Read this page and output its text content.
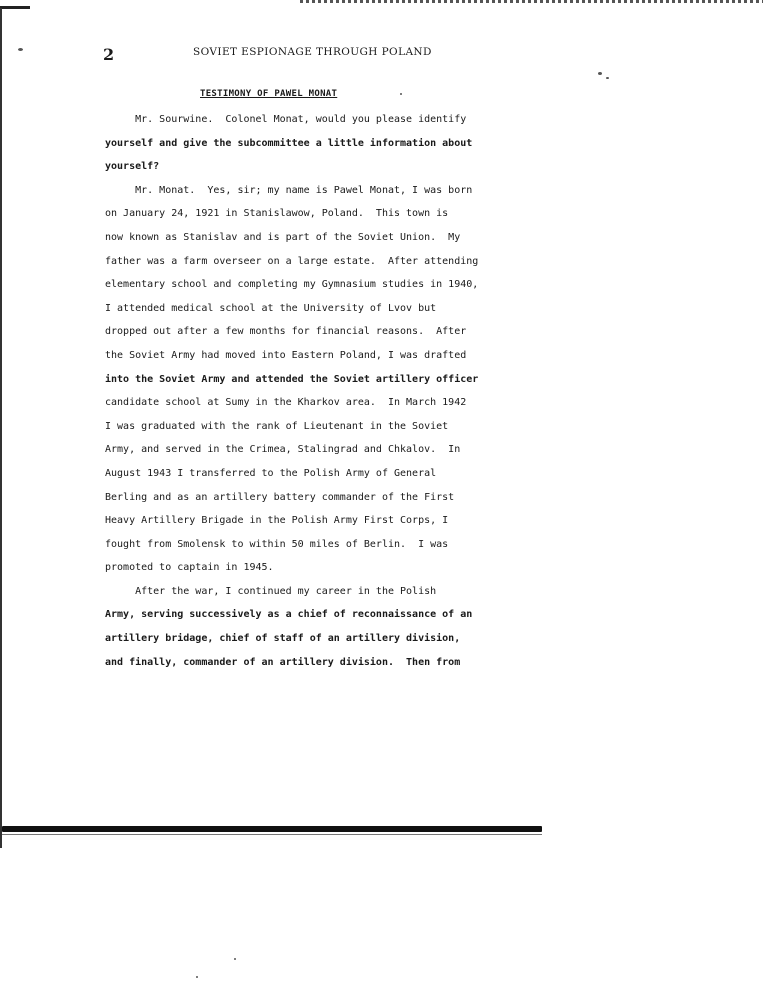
2	SOVIET ESPIONAGE THROUGH POLAND
TESTIMONY OF PAWEL MONAT
Mr. Sourwine.  Colonel Monat, would you please identify
yourself and give the subcommittee a little information about
yourself?
Mr. Monat.  Yes, sir; my name is Pawel Monat, I was born
on January 24, 1921 in Stanislawow, Poland.  This town is
now known as Stanislav and is part of the Soviet Union.  My
father was a farm overseer on a large estate.  After attending
elementary school and completing my Gymnasium studies in 1940,
I attended medical school at the University of Lvov but
dropped out after a few months for financial reasons.  After
the Soviet Army had moved into Eastern Poland, I was drafted
into the Soviet Army and attended the Soviet artillery officer
candidate school at Sumy in the Kharkov area.  In March 1942
I was graduated with the rank of Lieutenant in the Soviet
Army, and served in the Crimea, Stalingrad and Chkalov.  In
August 1943 I transferred to the Polish Army of General
Berling and as an artillery battery commander of the First
Heavy Artillery Brigade in the Polish Army First Corps, I
fought from Smolensk to within 50 miles of Berlin.  I was
promoted to captain in 1945.
After the war, I continued my career in the Polish
Army, serving successively as a chief of reconnaissance of an
artillery bridage, chief of staff of an artillery division,
and finally, commander of an artillery division.  Then from
